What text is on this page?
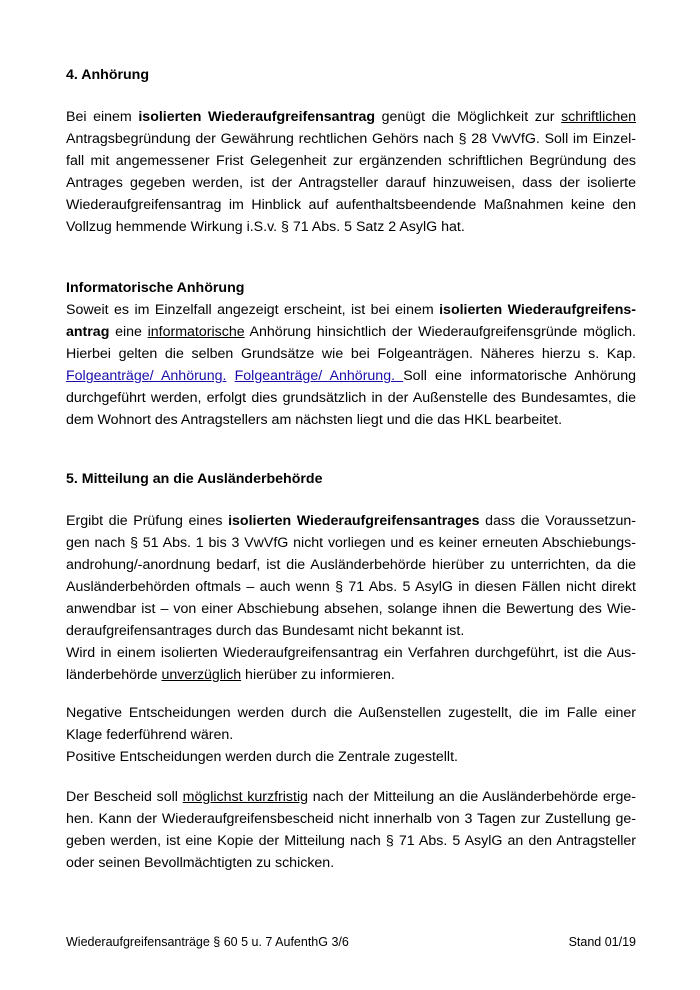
4. Anhörung
Bei einem isolierten Wiederaufgreifensantrag genügt die Möglichkeit zur schriftlichen
Antragsbegründung der Gewährung rechtlichen Gehörs nach § 28 VwVfG. Soll im Einzel-
fall mit angemessener Frist Gelegenheit zur ergänzenden schriftlichen Begründung des
Antrages gegeben werden, ist der Antragsteller darauf hinzuweisen, dass der isolierte
Wiederaufgreifensantrag im Hinblick auf aufenthaltsbeendende Maßnahmen keine den
Vollzug hemmende Wirkung i.S.v. § 71 Abs. 5 Satz 2 AsylG hat.
Informatorische Anhörung
Soweit es im Einzelfall angezeigt erscheint, ist bei einem isolierten Wiederaufgreifens-
antrag eine informatorische Anhörung hinsichtlich der Wiederaufgreifensgründe möglich.
Hierbei gelten die selben Grundsätze wie bei Folgeanträgen. Näheres hierzu s. Kap.
Folgeanträge/ Anhörung. Folgeanträge/ Anhörung. Soll eine informatorische Anhörung
durchgeführt werden, erfolgt dies grundsätzlich in der Außenstelle des Bundesamtes, die
dem Wohnort des Antragstellers am nächsten liegt und die das HKL bearbeitet.
5. Mitteilung an die Ausländerbehörde
Ergibt die Prüfung eines isolierten Wiederaufgreifensantrages dass die Voraussetzun-
gen nach § 51 Abs. 1 bis 3 VwVfG nicht vorliegen und es keiner erneuten Abschiebungs-
androhung/-anordnung bedarf, ist die Ausländerbehörde hierüber zu unterrichten, da die
Ausländerbehörden oftmals – auch wenn § 71 Abs. 5 AsylG in diesen Fällen nicht direkt
anwendbar ist – von einer Abschiebung absehen, solange ihnen die Bewertung des Wie-
deraufgreifensantrages durch das Bundesamt nicht bekannt ist.
Wird in einem isolierten Wiederaufgreifensantrag ein Verfahren durchgeführt, ist die Aus-
länderbehörde unverzüglich hierüber zu informieren.
Negative Entscheidungen werden durch die Außenstellen zugestellt, die im Falle einer
Klage federführend wären.
Positive Entscheidungen werden durch die Zentrale zugestellt.
Der Bescheid soll möglichst kurzfristig nach der Mitteilung an die Ausländerbehörde erge-
hen. Kann der Wiederaufgreifensbescheid nicht innerhalb von 3 Tagen zur Zustellung ge-
geben werden, ist eine Kopie der Mitteilung nach § 71 Abs. 5 AsylG an den Antragsteller
oder seinen Bevollmächtigten zu schicken.
Wiederaufgreifensanträge § 60 5 u. 7 AufenthG 3/6	Stand 01/19
